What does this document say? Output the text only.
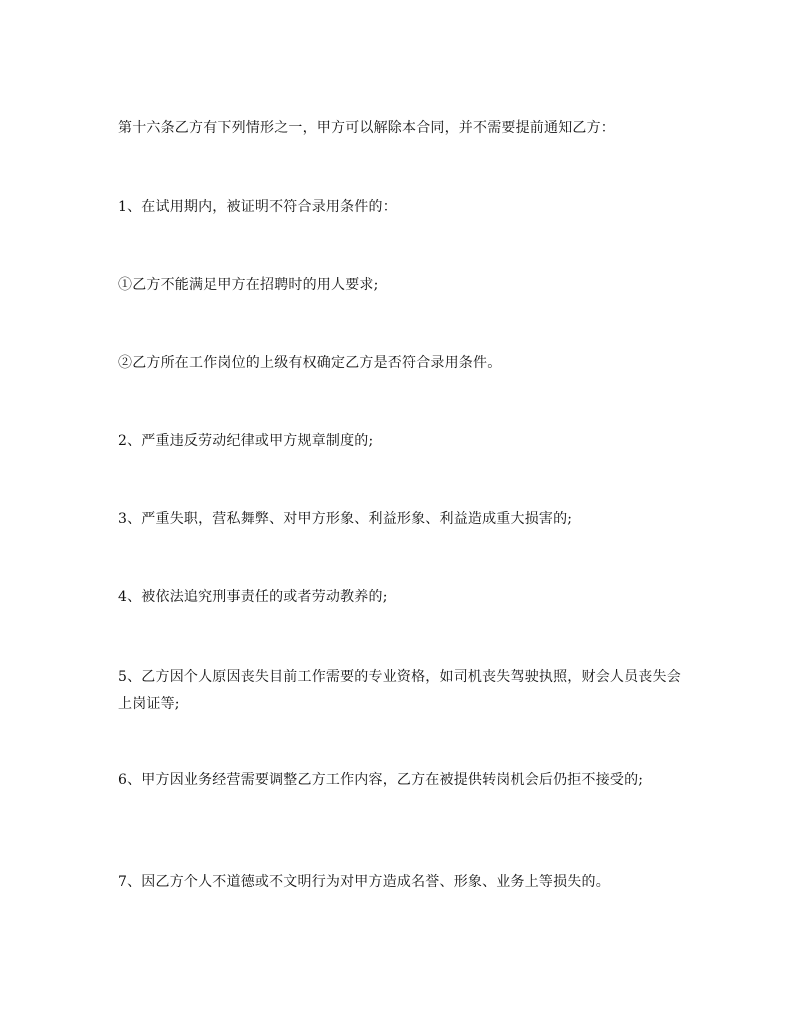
第十六条乙方有下列情形之一，甲方可以解除本合同，并不需要提前通知乙方：

1、在试用期内，被证明不符合录用条件的：

①乙方不能满足甲方在招聘时的用人要求;

②乙方所在工作岗位的上级有权确定乙方是否符合录用条件。

2、严重违反劳动纪律或甲方规章制度的;

3、严重失职，营私舞弊、对甲方形象、利益形象、利益造成重大损害的;

4、被依法追究刑事责任的或者劳动教养的;

5、乙方因个人原因丧失目前工作需要的专业资格，如司机丧失驾驶执照，财会人员丧失会上岗证等;

6、甲方因业务经营需要调整乙方工作内容，乙方在被提供转岗机会后仍拒不接受的;

7、因乙方个人不道德或不文明行为对甲方造成名誉、形象、业务上等损失的。
